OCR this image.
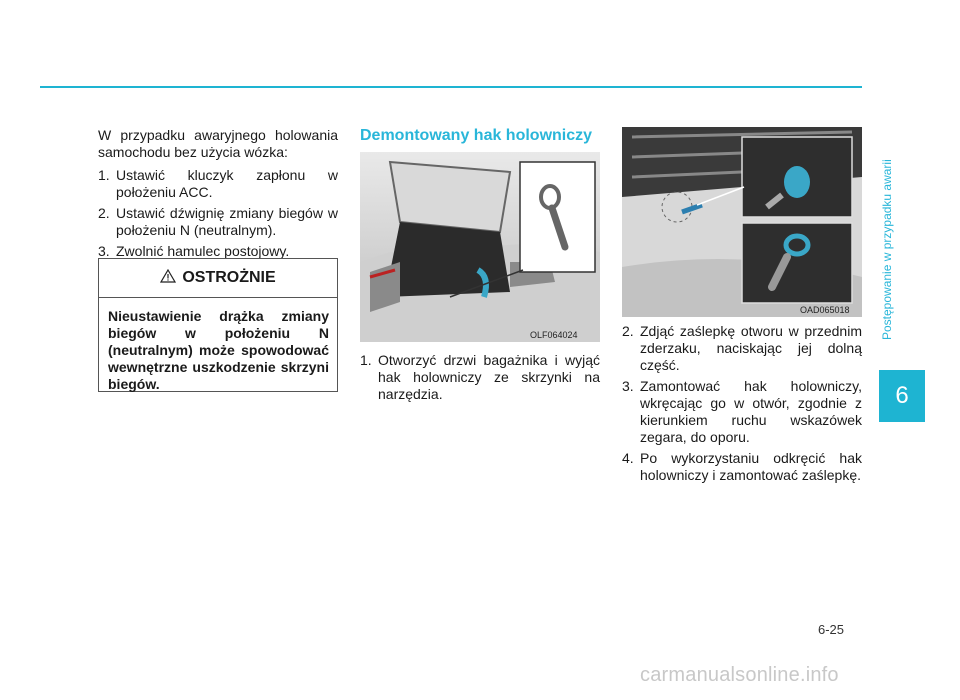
W przypadku awaryjnego holowania samochodu bez użycia wózka:

1. Ustawić kluczyk zapłonu w położeniu ACC.
2. Ustawić dźwignię zmiany biegów w położeniu N (neutralnym).
3. Zwolnić hamulec postojowy.
OSTROŻNIE
Nieustawienie drążka zmiany biegów w położeniu N (neutralnym) może spowodować wewnętrzne uszkodzenie skrzyni biegów.
Demontowany hak holowniczy
OLF064024
1. Otworzyć drzwi bagażnika i wyjąć hak holowniczy ze skrzynki na narzędzia.
OAD065018
2. Zdjąć zaślepkę otworu w przednim zderzaku, naciskając jej dolną część.
3. Zamontować hak holowniczy, wkręcając go w otwór, zgodnie z kierunkiem ruchu wskazówek zegara, do oporu.
4. Po wykorzystaniu odkręcić hak holowniczy i zamontować zaślepkę.
Postępowanie w przypadku awarii
6
6-25
carmanualsonline.info
